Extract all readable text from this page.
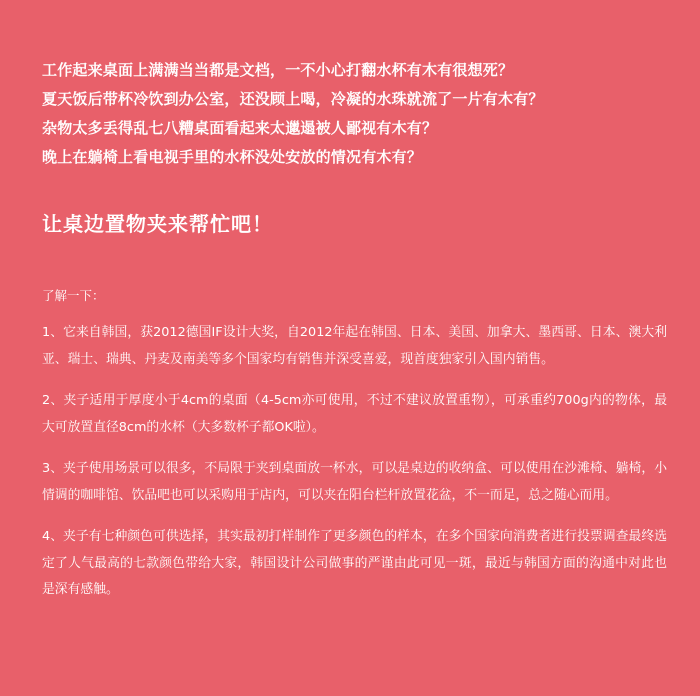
工作起来桌面上满满当当都是文档，一不小心打翻水杯有木有很想死？
夏天饭后带杯冷饮到办公室，还没顾上喝，冷凝的水珠就流了一片有木有？
杂物太多丢得乱七八糟桌面看起来太邋遢被人鄙视有木有？
晚上在躺椅上看电视手里的水杯没处安放的情况有木有？
让桌边置物夹来帮忙吧！
了解一下：
1、它来自韩国，获2012德国IF设计大奖，自2012年起在韩国、日本、美国、加拿大、墨西哥、日本、澳大利亚、瑞士、瑞典、丹麦及南美等多个国家均有销售并深受喜爱，现首度独家引入国内销售。
2、夹子适用于厚度小于4cm的桌面（4-5cm亦可使用，不过不建议放置重物），可承重约700g内的物体，最大可放置直径8cm的水杯（大多数杯子都OK啦）。
3、夹子使用场景可以很多，不局限于夹到桌面放一杯水，可以是桌边的收纳盒、可以使用在沙滩椅、躺椅，小情调的咖啡馆、饮品吧也可以采购用于店内，可以夹在阳台栏杆放置花盆，不一而足，总之随心而用。
4、夹子有七种颜色可供选择，其实最初打样制作了更多颜色的样本，在多个国家向消费者进行投票调查最终选定了人气最高的七款颜色带给大家，韩国设计公司做事的严谨由此可见一斑，最近与韩国方面的沟通中对此也是深有感触。
